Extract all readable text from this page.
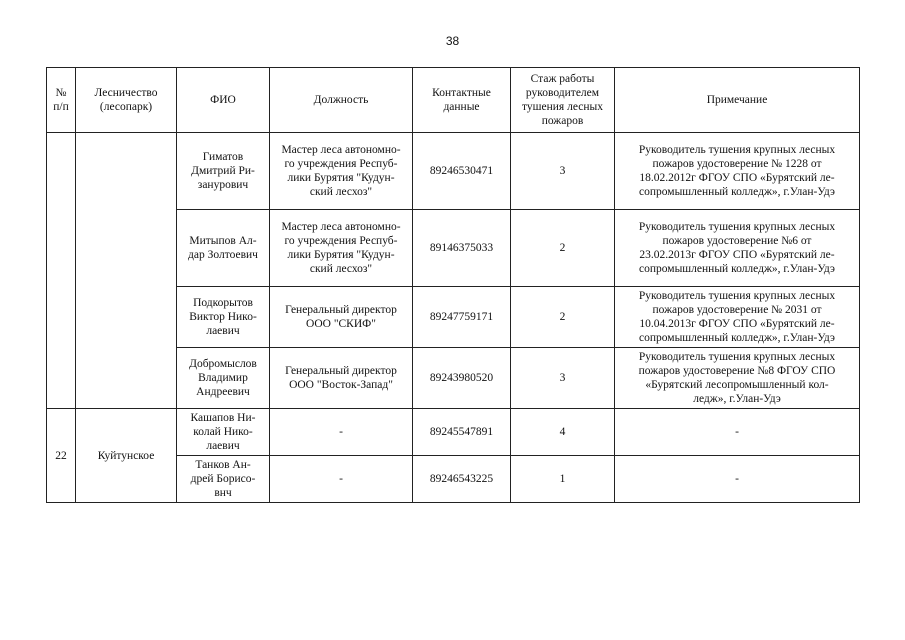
38
№
п/п	Лесничество
(лесопарк)	ФИО	Должность	Контактные
данные	Стаж работы
руководителем
тушения лесных
пожаров	Примечание
		Гиматов
Дмитрий Ри-
занурович	Мастер леса автономно-
го учреждения Респуб-
лики Бурятия "Кудун-
ский лесхоз"	89246530471	3	Руководитель тушения крупных лесных
пожаров удостоверение № 1228 от
18.02.2012г ФГОУ СПО «Бурятский ле-
сопромышленный колледж», г.Улан-Удэ
		Митыпов Ал-
дар Золтоевич	Мастер леса автономно-
го учреждения Респуб-
лики Бурятия "Кудун-
ский лесхоз"	89146375033	2	Руководитель тушения крупных лесных
пожаров удостоверение №6 от
23.02.2013г ФГОУ СПО «Бурятский ле-
сопромышленный колледж», г.Улан-Удэ
		Подкорытов
Виктор Нико-
лаевич	Генеральный директор
ООО "СКИФ"	89247759171	2	Руководитель тушения крупных лесных
пожаров удостоверение № 2031 от
10.04.2013г ФГОУ СПО «Бурятский ле-
сопромышленный колледж», г.Улан-Удэ
		Добромыслов
Владимир
Андреевич	Генеральный директор
ООО "Восток-Запад"	89243980520	3	Руководитель тушения крупных лесных
пожаров удостоверение №8 ФГОУ СПО
«Бурятский лесопромышленный кол-
ледж», г.Улан-Удэ
22	Куйтунское	Кашапов Ни-
колай Нико-
лаевич	-	89245547891	4	-
		Танков Ан-
дрей Борисо-
внч	-	89246543225	1	-
